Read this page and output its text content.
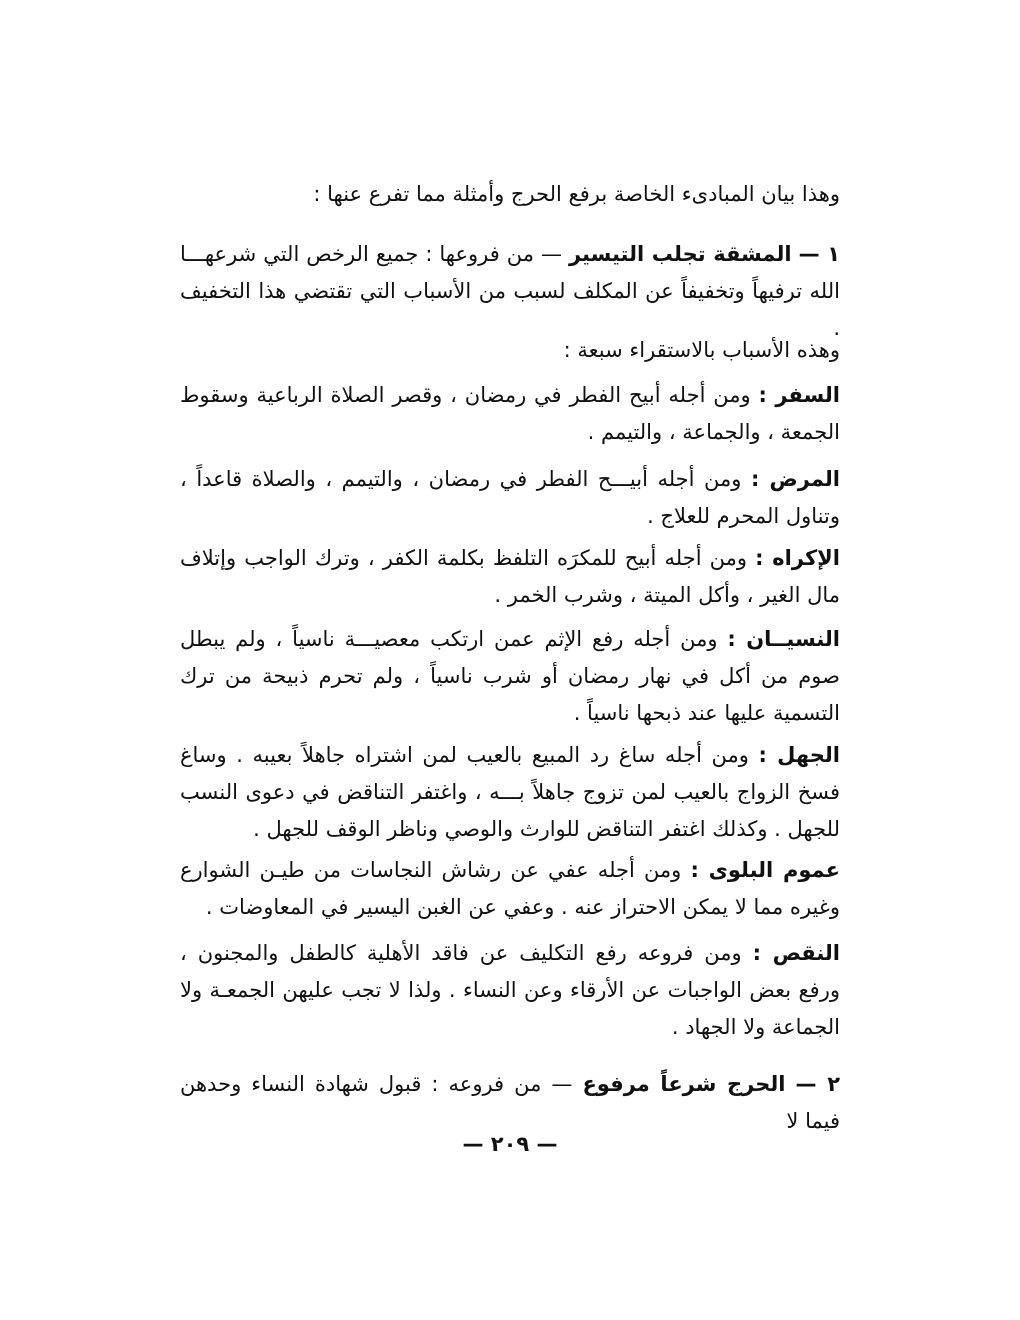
وهذا بيان المبادىء الخاصة برفع الحرج وأمثلة مما تفرع عنها :

١ — المشقة تجلب التيسير — من فروعها : جميع الرخص التي شرعهـــا الله ترفيهاً وتخفيفاً عن المكلف لسبب من الأسباب التي تقتضي هذا التخفيف .

وهذه الأسباب بالاستقراء سبعة :

السفر : ومن أجله أبيح الفطر في رمضان ، وقصر الصلاة الرباعية وسقوط الجمعة ، والجماعة ، والتيمم .

المرض : ومن أجله أبيـــح الفطر في رمضان ، والتيمم ، والصلاة قاعداً ، وتناول المحرم للعلاج .

الإكراه : ومن أجله أبيح للمكرَه التلفظ بكلمة الكفر ، وترك الواجب وإتلاف مال الغير ، وأكل الميتة ، وشرب الخمر .

النسيــان : ومن أجله رفع الإثم عمن ارتكب معصيـــة ناسياً ، ولم يبطل صوم من أكل في نهار رمضان أو شرب ناسياً ، ولم تحرم ذبيحة من ترك التسمية عليها عند ذبحها ناسياً .

الجهل : ومن أجله ساغ رد المبيع بالعيب لمن اشتراه جاهلاً بعيبه . وساغ فسخ الزواج بالعيب لمن تزوج جاهلاً بـــه ، واغتفر التناقض في دعوى النسب للجهل . وكذلك اغتفر التناقض للوارث والوصي وناظر الوقف للجهل .

عموم البلوى : ومن أجله عفي عن رشاش النجاسات من طيـن الشوارع وغيره مما لا يمكن الاحتراز عنه . وعفي عن الغبن اليسير في المعاوضات .

النقص : ومن فروعه رفع التكليف عن فاقد الأهلية كالطفل والمجنون ، ورفع بعض الواجبات عن الأرقاء وعن النساء . ولذا لا تجب عليهن الجمعـة ولا الجماعة ولا الجهاد .

٢ — الحرج شرعاً مرفوع — من فروعه : قبول شهادة النساء وحدهن فيما لا

— ٢٠٩ —
